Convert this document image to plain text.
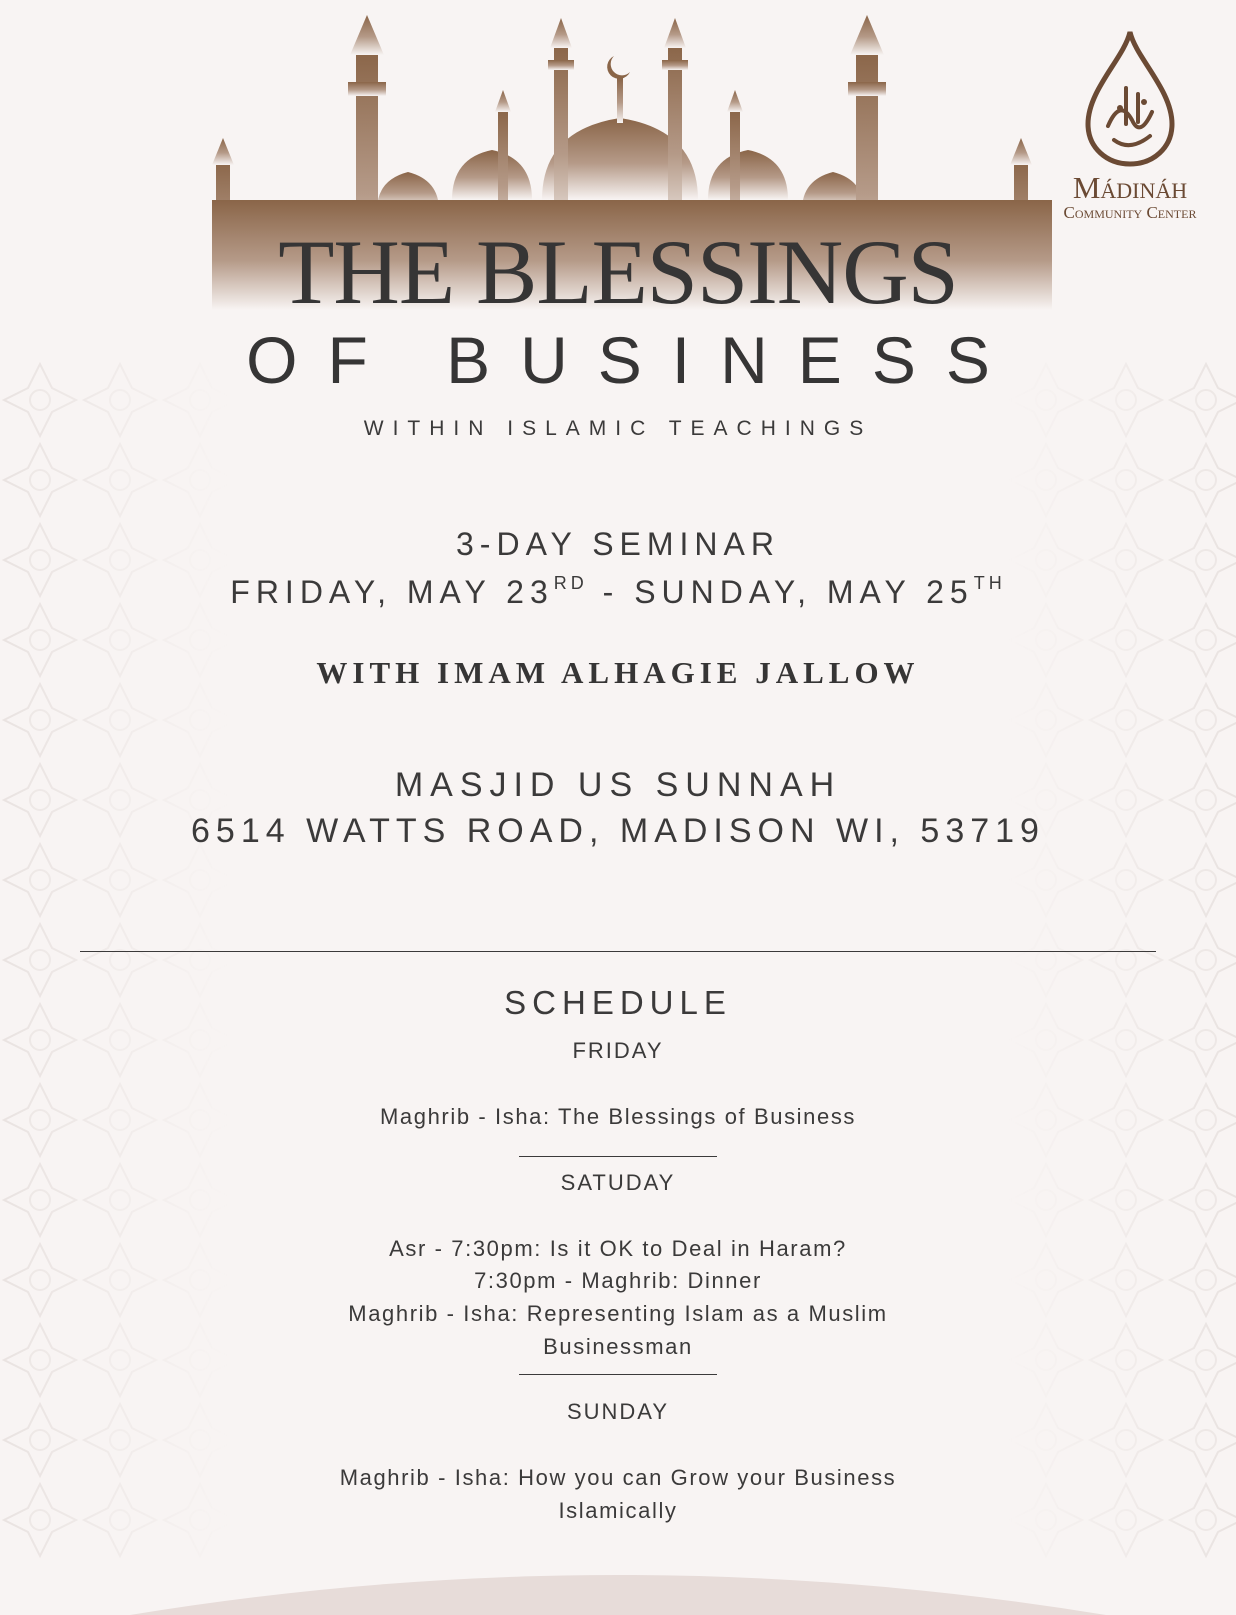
Mádináh
Community Center
THE BLESSINGS
OF BUSINESS
WITHIN ISLAMIC TEACHINGS
3-DAY SEMINAR
FRIDAY, MAY 23RD - SUNDAY, MAY 25TH
WITH IMAM ALHAGIE JALLOW
MASJID US SUNNAH
6514 WATTS ROAD, MADISON WI, 53719
SCHEDULE
FRIDAY
Maghrib - Isha: The Blessings of Business
SATUDAY
Asr - 7:30pm: Is it OK to Deal in Haram?
7:30pm - Maghrib: Dinner
Maghrib - Isha: Representing Islam as a Muslim
Businessman
SUNDAY
Maghrib - Isha: How you can Grow your Business
Islamically
